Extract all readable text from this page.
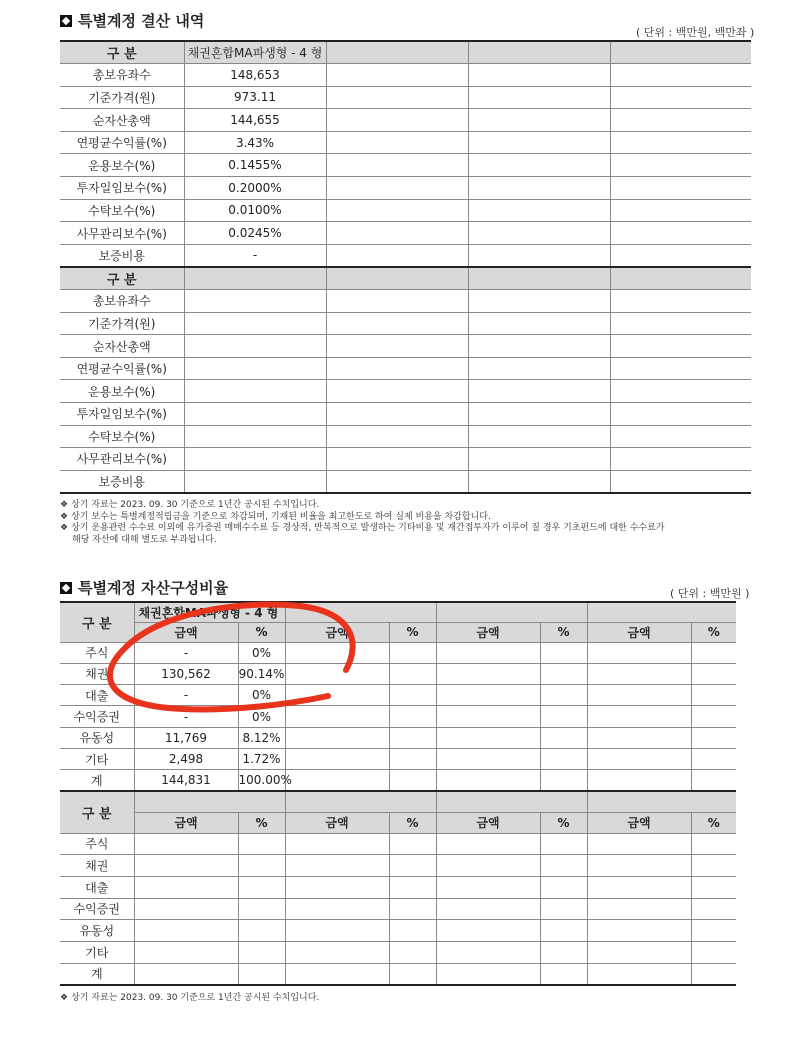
특별계정 결산 내역
( 단위 : 백만원, 백만좌 )
구 분	채권혼합MA파생형 - 4 형			
총보유좌수	148,653			
기준가격(원)	973.11			
순자산총액	144,655			
연평균수익률(%)	3.43%			
운용보수(%)	0.1455%			
투자일임보수(%)	0.2000%			
수탁보수(%)	0.0100%			
사무관리보수(%)	0.0245%			
보증비용	-			
구 분				
총보유좌수				
기준가격(원)				
순자산총액				
연평균수익률(%)				
운용보수(%)				
투자일임보수(%)				
수탁보수(%)				
사무관리보수(%)				
보증비용				
❖ 상기 자료는 2023. 09. 30 기준으로 1년간 공시된 수치입니다.
❖ 상기 보수는 특별계정적립금을 기준으로 차감되며, 기재된 비율을 최고한도로 하여 실제 비용을 차감합니다.
❖ 상기 운용관련 수수료 이외에 유가증권 매매수수료 등 경상적, 반복적으로 발생하는 기타비용 및 재간접투자가 이루어 질 경우 기초펀드에 대한 수수료가
해당 자산에 대해 별도로 부과됩니다.
특별계정 자산구성비율	( 단위 : 백만원 )
구 분	채권혼합MA파생형 - 4 형							
	금액	%	금액	%	금액	%	금액	%
주식	-	0%						
채권	130,562	90.14%						
대출	-	0%						
수익증권	-	0%						
유동성	11,769	8.12%						
기타	2,498	1.72%						
계	144,831	100.00%						
구 분								
	금액	%	금액	%	금액	%	금액	%
주식								
채권								
대출								
수익증권								
유동성								
기타								
계								
❖ 상기 자료는 2023. 09. 30 기준으로 1년간 공시된 수치입니다.
